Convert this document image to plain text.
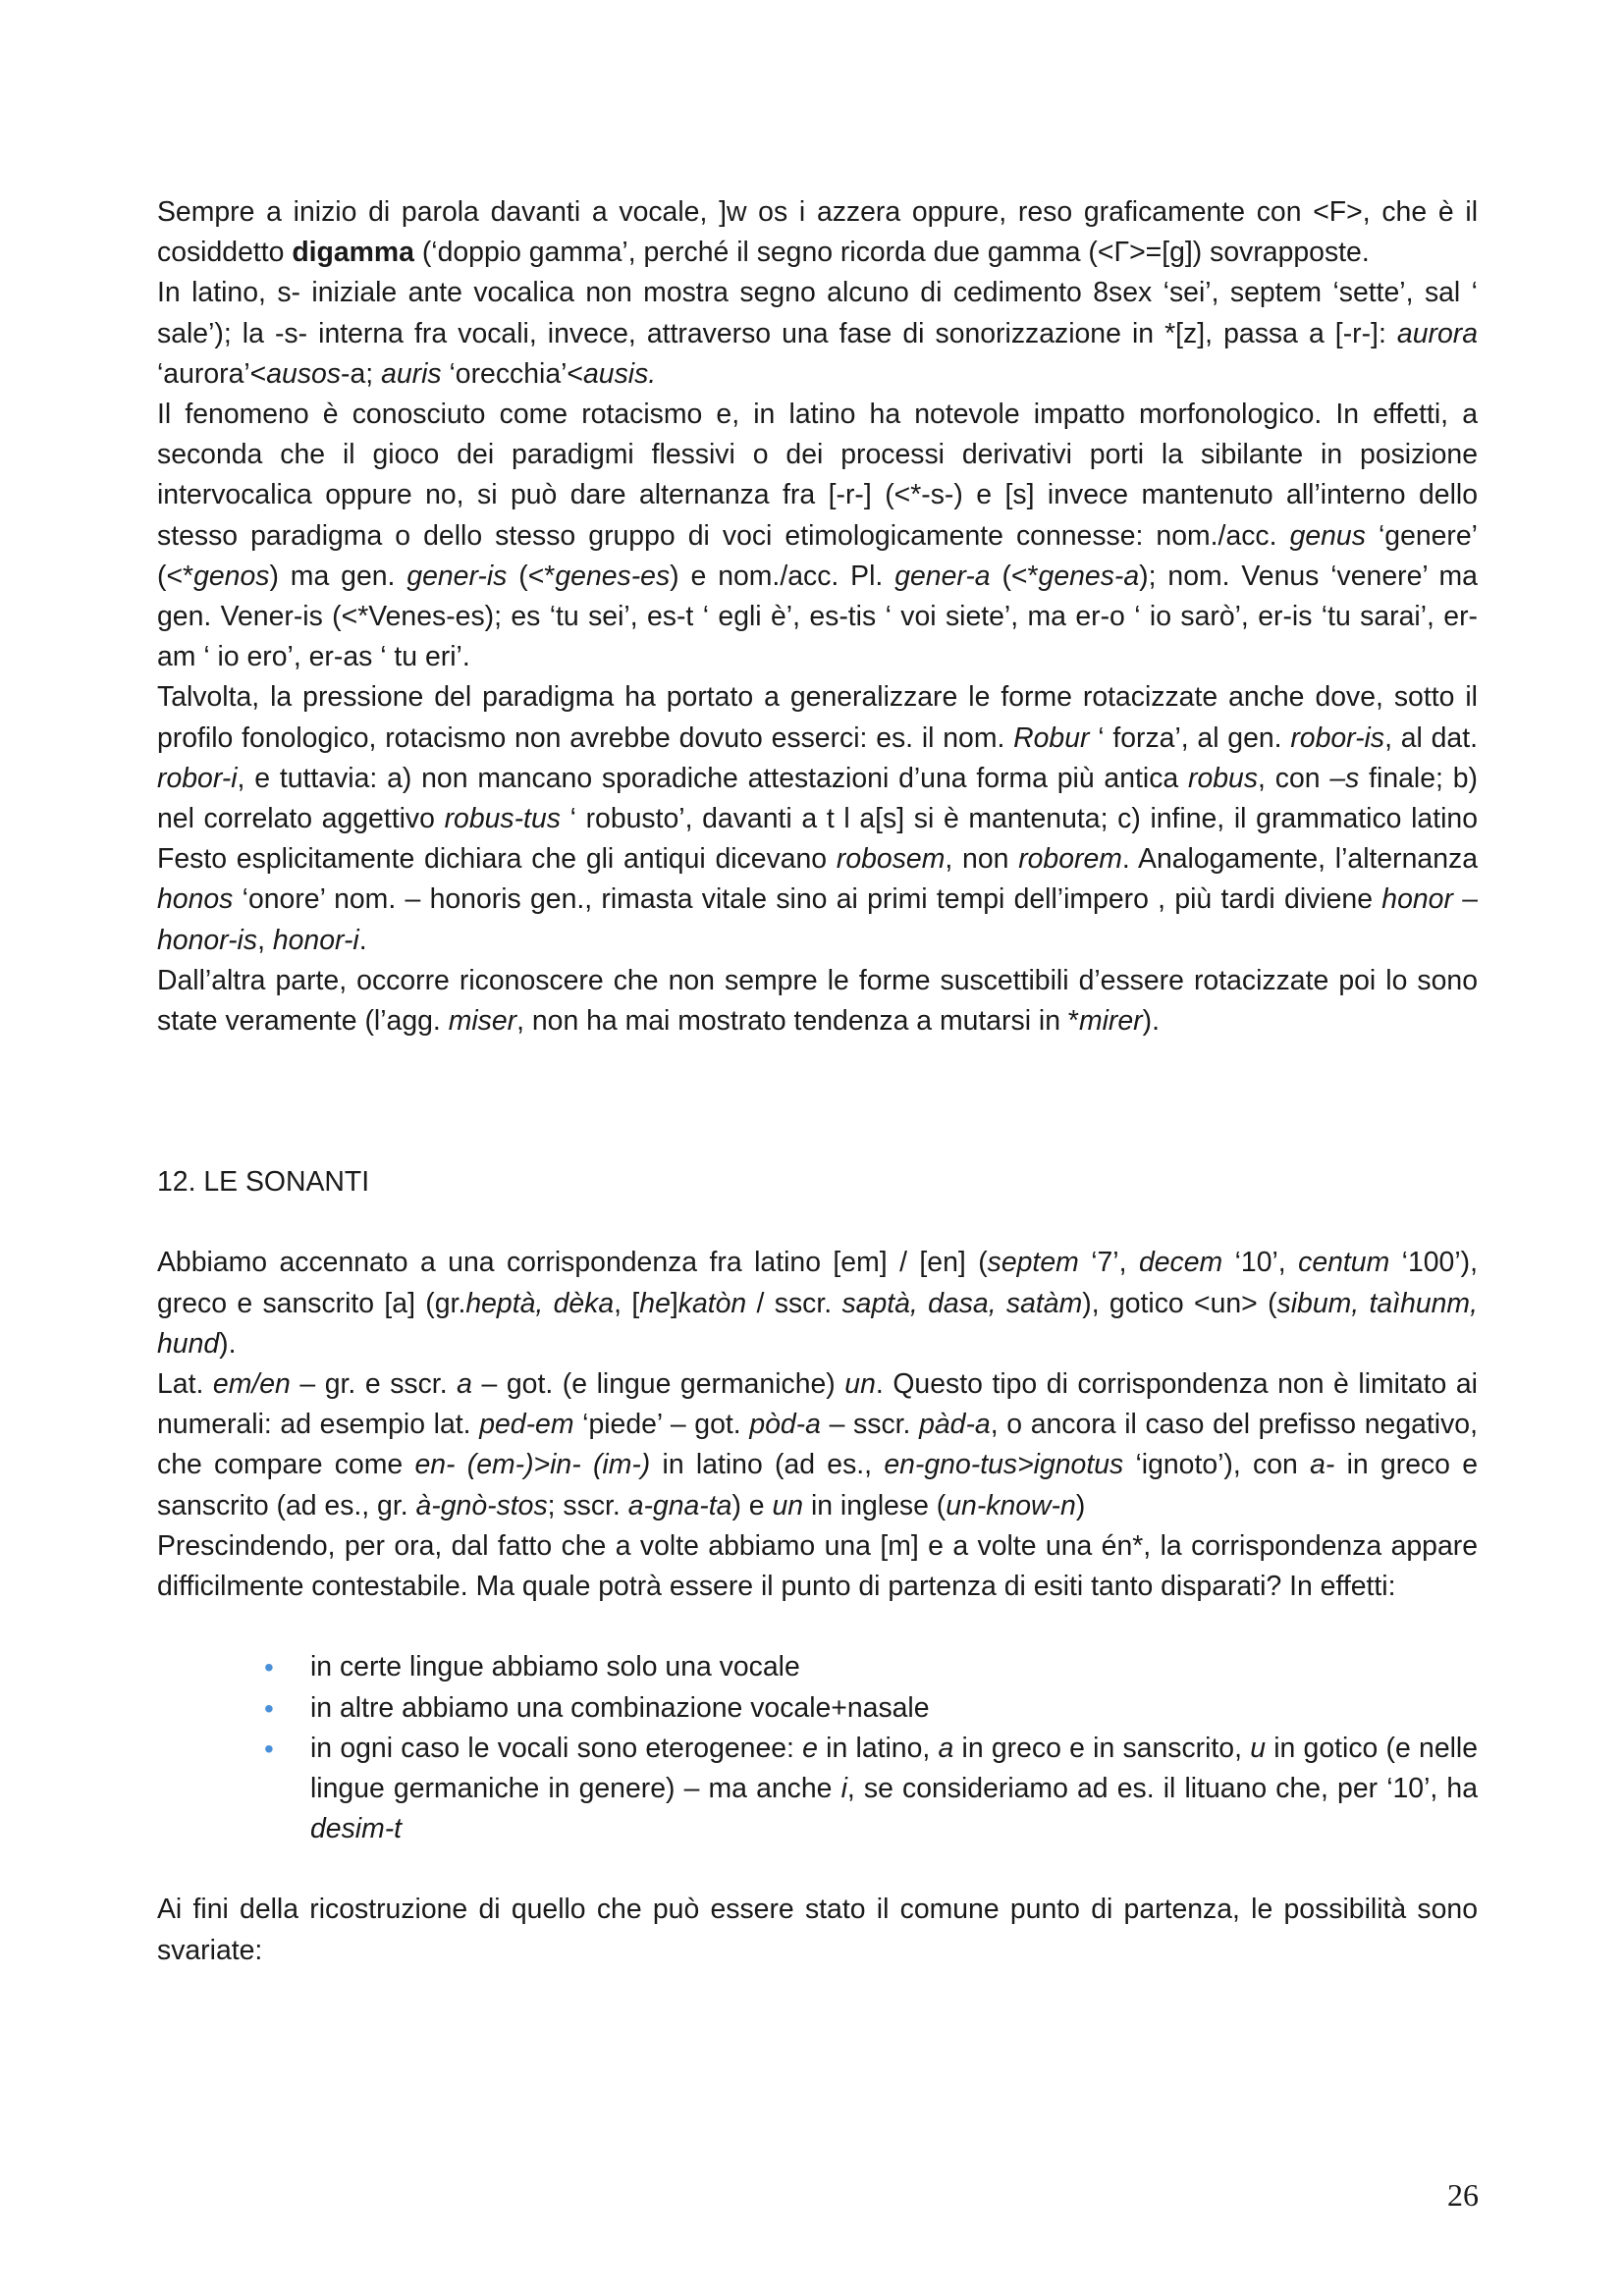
Sempre a inizio di parola davanti a vocale, ]w os i azzera oppure, reso graficamente con <F>, che è il cosiddetto digamma (‘doppio gamma’, perché il segno ricorda due gamma (<Γ>=[g]) sovrapposte.

In latino, s- iniziale ante vocalica non mostra segno alcuno di cedimento 8sex ‘sei’, septem ‘sette’, sal ‘ sale’); la -s- interna fra vocali, invece, attraverso una fase di sonorizzazione in *[z], passa a [-r-]: aurora ‘aurora’<ausos-a; auris ‘orecchia’<ausis.

Il fenomeno è conosciuto come rotacismo e, in latino ha notevole impatto morfonologico. In effetti, a seconda che il gioco dei paradigmi flessivi o dei processi derivativi porti la sibilante in posizione intervocalica oppure no, si può dare alternanza fra [-r-] (<*-s-) e [s] invece mantenuto all’interno dello stesso paradigma o dello stesso gruppo di voci etimologicamente connesse: nom./acc. genus ‘genere’ (<*genos) ma gen. gener-is (<*genes-es) e nom./acc. Pl. gener-a (<*genes-a); nom. Venus ‘venere’ ma gen. Vener-is (<*Venes-es); es ‘tu sei’, es-t ‘ egli è’, es-tis ‘ voi siete’, ma er-o ‘ io sarò’, er-is ‘tu sarai’, er-am ‘ io ero’, er-as ‘ tu eri’.

Talvolta, la pressione del paradigma ha portato a generalizzare le forme rotacizzate anche dove, sotto il profilo fonologico, rotacismo non avrebbe dovuto esserci: es. il nom. Robur ‘ forza’, al gen. robor-is, al dat. robor-i, e tuttavia: a) non mancano sporadiche attestazioni d’una forma più antica robus, con –s finale; b) nel correlato aggettivo robus-tus ‘ robusto’, davanti a t l a[s] si è mantenuta; c) infine, il grammatico latino Festo esplicitamente dichiara che gli antiqui dicevano robosem, non roborem. Analogamente, l’alternanza honos ‘onore’ nom. – honoris gen., rimasta vitale sino ai primi tempi dell’impero , più tardi diviene honor – honor-is, honor-i.

Dall’altra parte, occorre riconoscere che non sempre le forme suscettibili d’essere rotacizzate poi lo sono state veramente (l’agg. miser, non ha mai mostrato tendenza a mutarsi in *mirer).

12. LE SONANTI

Abbiamo accennato a una corrispondenza fra latino [em] / [en] (septem ‘7’, decem ‘10’, centum ‘100’), greco e sanscrito [a] (gr.heptà, dèka, [he]katòn / sscr. saptà, dasa, satàm), gotico <un> (sibum, taìhunm, hund).

Lat. em/en – gr. e sscr. a – got. (e lingue germaniche) un. Questo tipo di corrispondenza non è limitato ai numerali: ad esempio lat. ped-em ‘piede’ – got. pòd-a – sscr. pàd-a, o ancora il caso del prefisso negativo, che compare come en- (em-)>in- (im-) in latino (ad es., en-gno-tus>ignotus ‘ignoto’), con a- in greco e sanscrito (ad es., gr. à-gnò-stos; sscr. a-gna-ta) e un in inglese (un-know-n)

Prescindendo, per ora, dal fatto che a volte abbiamo una [m] e a volte una én*, la corrispondenza appare difficilmente contestabile. Ma quale potrà essere il punto di partenza di esiti tanto disparati? In effetti:

• in certe lingue abbiamo solo una vocale
• in altre abbiamo una combinazione vocale+nasale
• in ogni caso le vocali sono eterogenee: e in latino, a in greco e in sanscrito, u in gotico (e nelle lingue germaniche in genere) – ma anche i, se consideriamo ad es. il lituano che, per ‘10’, ha desim-t

Ai fini della ricostruzione di quello che può essere stato il comune punto di partenza, le possibilità sono svariate:

26
